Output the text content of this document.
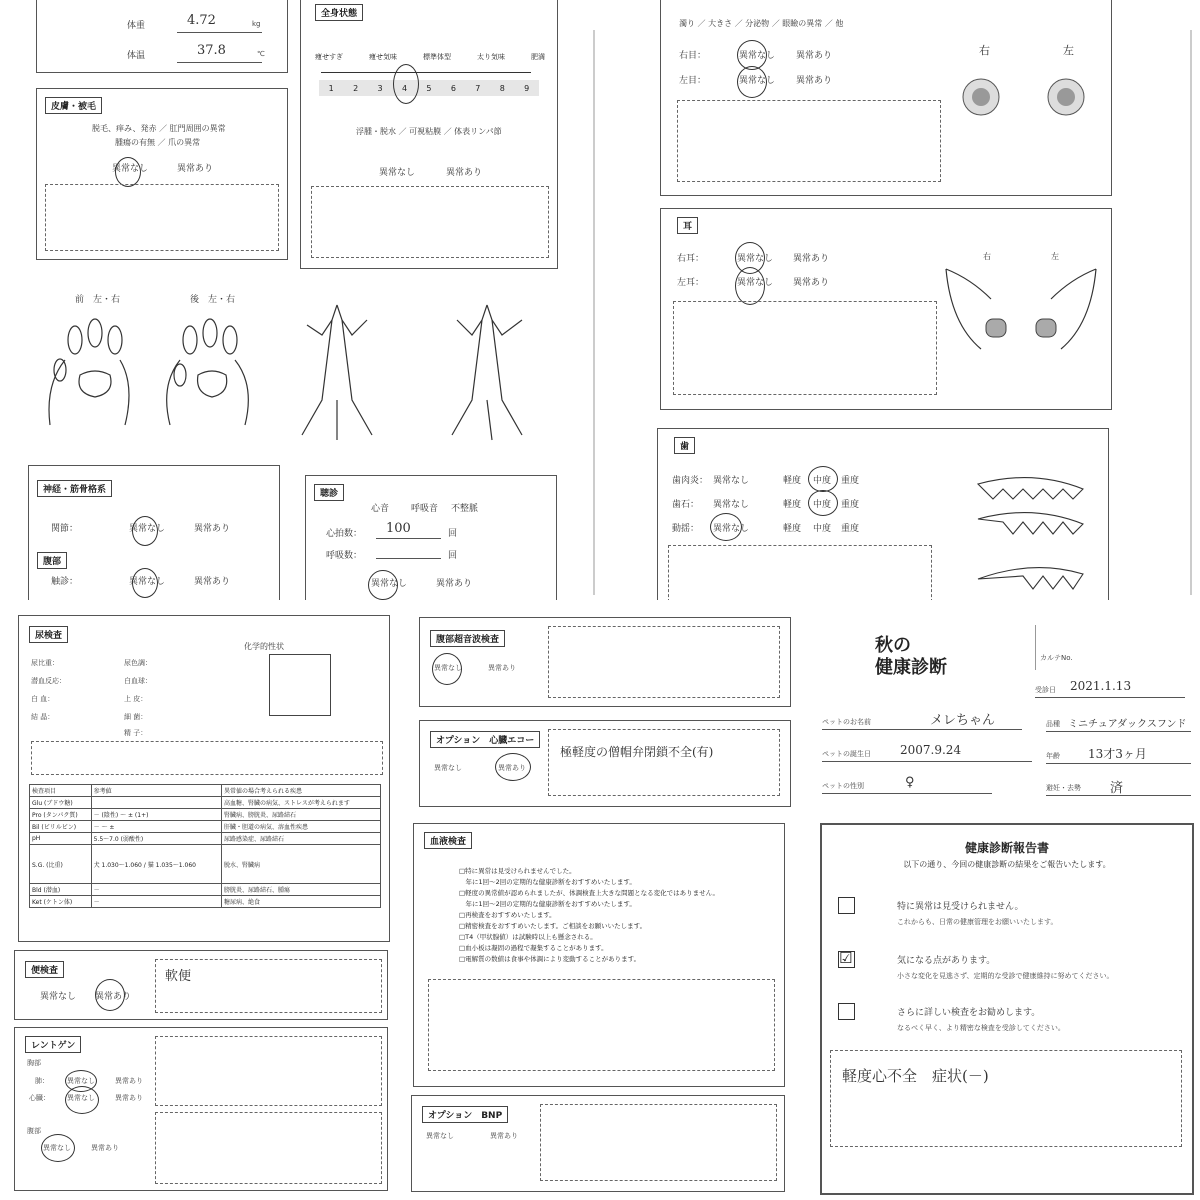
体重	4.72	kg
体温	37.8	℃
全身状態
痩せすぎ	痩せ気味	標準体型	太り気味	肥満
1 2 3 4 5 6 7 8 9
浮腫・脱水 ／ 可視粘膜 ／ 体表リンパ節
異常なし	異常あり
皮膚・被毛
脱毛、痒み、発赤 ／ 肛門周囲の異常
腫瘍の有無 ／ 爪の異常
異常なし	異常あり
前　左・右	後　左・右
神経・筋骨格系
関節：	異常なし	異常あり
腹部
触診：	異常なし	異常あり
聴診
心音 呼吸音 不整脈
心拍数： 100	回
呼吸数：	回
異常なし	異常あり
濁り ／ 大きさ ／ 分泌物 ／ 眼瞼の異常 ／ 他
右目：	異常なし 異常あり
左目：	異常なし 異常あり
右	左
耳
右耳：	異常なし 異常あり
左耳：	異常なし 異常あり
右	左
歯
歯肉炎： 異常なし	軽度 中度 重度
歯石： 異常なし	軽度 中度 重度
動揺： 異常なし	軽度 中度 重度
尿検査
化学的性状
尿比重：
潜血反応：
白 血：
結 晶：
尿色調：
白血球：
上 皮：
細 菌：
精 子：
検査項目	参考値	異常値の場合考えられる疾患
Glu (ブドウ糖)		高血糖、腎臓の病気、ストレスが考えられます
Pro (タンパク質)	－ (陰性) ～ ± (1+)	腎臓病、膀胱炎、尿路結石
Bil (ビリルビン)	－ ～ ±	肝臓・胆道の病気、溶血性疾患
pH	5.5～7.0 (弱酸性)	尿路感染症、尿路結石
S.G. (比重)	犬 1.030～1.060 / 猫 1.035～1.060	脱水、腎臓病
Bld (潜血)	－	膀胱炎、尿路結石、腫瘍
Ket (ケトン体)	－	糖尿病、絶食
便検査
異常なし 異常あり
軟便
レントゲン
胸部
肺：	異常なし	異常あり
心臓： 異常なし	異常あり
腹部
異常なし	異常あり
腹部超音波検査
異常なし	異常あり
オプション　心臓エコー
異常なし	異常あり
極軽度の僧帽弁閉鎖不全(有)
血液検査
□特に異常は見受けられませんでした。
　年に1回～2回の定期的な健康診断をおすすめいたします。
□軽度の異常値が認められましたが、体調検査上大きな問題となる変化ではありません。
　年に1回～2回の定期的な健康診断をおすすめいたします。
□再検査をおすすめいたします。
□精密検査をおすすめいたします。ご相談をお願いいたします。
□T4（甲状腺値）は試験時以上も懸念される。
□血小板は凝固の過程で凝集することがあります。
□電解質の数値は食事や体調により変動することがあります。
オプション　BNP
異常なし	異常あり
秋の
健康診断	カルテNo.
受診日 2021.1.13
ペットのお名前	メレちゃん	品種 ミニチュアダックスフンド
ペットの誕生日 2007.9.24	年齢 13才3ヶ月
ペットの性別	♀	避妊・去勢 済
健康診断報告書
以下の通り、今回の健康診断の結果をご報告いたします。
特に異常は見受けられません。
これからも、日常の健康管理をお願いいたします。
☑	気になる点があります。
小さな変化を見逃さず、定期的な受診で健康維持に努めてください。
さらに詳しい検査をお勧めします。
なるべく早く、より精密な検査を受診してください。
軽度心不全　症状(－)
